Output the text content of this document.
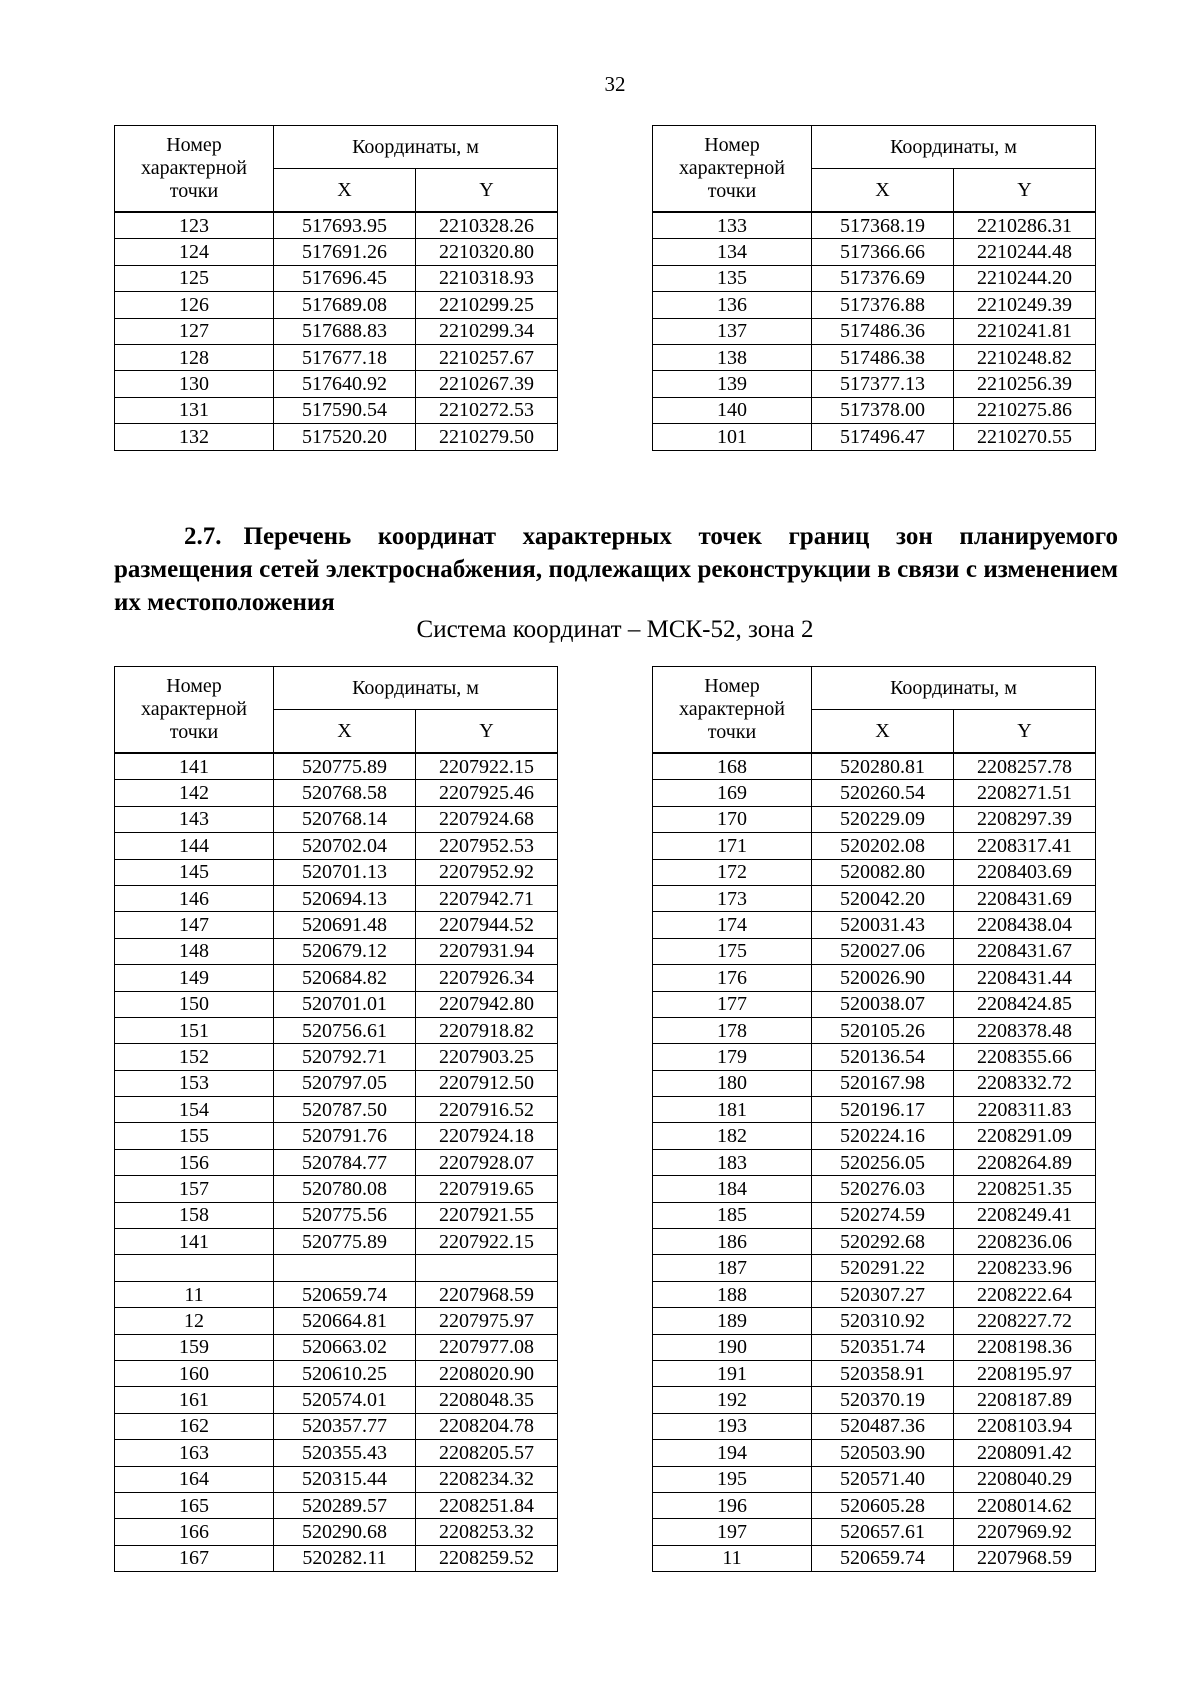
32
Номер характерной точки	Координаты, м	
	X	Y
123	517693.95	2210328.26
124	517691.26	2210320.80
125	517696.45	2210318.93
126	517689.08	2210299.25
127	517688.83	2210299.34
128	517677.18	2210257.67
130	517640.92	2210267.39
131	517590.54	2210272.53
132	517520.20	2210279.50
Номер характерной точки	Координаты, м	
	X	Y
133	517368.19	2210286.31
134	517366.66	2210244.48
135	517376.69	2210244.20
136	517376.88	2210249.39
137	517486.36	2210241.81
138	517486.38	2210248.82
139	517377.13	2210256.39
140	517378.00	2210275.86
101	517496.47	2210270.55
2.7. Перечень координат характерных точек границ зон планируемого размещения сетей электроснабжения, подлежащих реконструкции в связи с изменением их местоположения
Система координат – МСК-52, зона 2
Номер характерной точки	Координаты, м	
	X	Y
141	520775.89	2207922.15
142	520768.58	2207925.46
143	520768.14	2207924.68
144	520702.04	2207952.53
145	520701.13	2207952.92
146	520694.13	2207942.71
147	520691.48	2207944.52
148	520679.12	2207931.94
149	520684.82	2207926.34
150	520701.01	2207942.80
151	520756.61	2207918.82
152	520792.71	2207903.25
153	520797.05	2207912.50
154	520787.50	2207916.52
155	520791.76	2207924.18
156	520784.77	2207928.07
157	520780.08	2207919.65
158	520775.56	2207921.55
141	520775.89	2207922.15

11	520659.74	2207968.59
12	520664.81	2207975.97
159	520663.02	2207977.08
160	520610.25	2208020.90
161	520574.01	2208048.35
162	520357.77	2208204.78
163	520355.43	2208205.57
164	520315.44	2208234.32
165	520289.57	2208251.84
166	520290.68	2208253.32
167	520282.11	2208259.52
Номер характерной точки	Координаты, м	
	X	Y
168	520280.81	2208257.78
169	520260.54	2208271.51
170	520229.09	2208297.39
171	520202.08	2208317.41
172	520082.80	2208403.69
173	520042.20	2208431.69
174	520031.43	2208438.04
175	520027.06	2208431.67
176	520026.90	2208431.44
177	520038.07	2208424.85
178	520105.26	2208378.48
179	520136.54	2208355.66
180	520167.98	2208332.72
181	520196.17	2208311.83
182	520224.16	2208291.09
183	520256.05	2208264.89
184	520276.03	2208251.35
185	520274.59	2208249.41
186	520292.68	2208236.06
187	520291.22	2208233.96
188	520307.27	2208222.64
189	520310.92	2208227.72
190	520351.74	2208198.36
191	520358.91	2208195.97
192	520370.19	2208187.89
193	520487.36	2208103.94
194	520503.90	2208091.42
195	520571.40	2208040.29
196	520605.28	2208014.62
197	520657.61	2207969.92
11	520659.74	2207968.59
